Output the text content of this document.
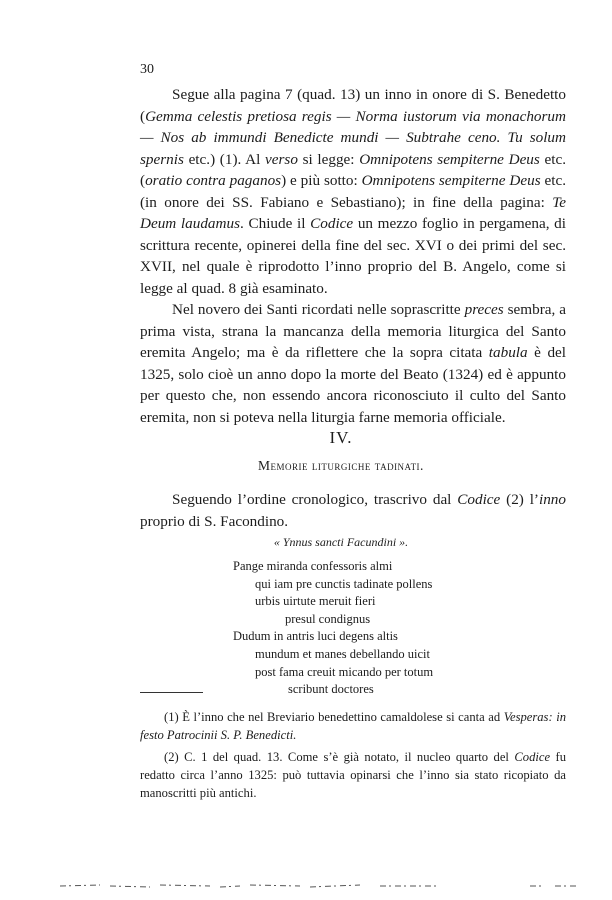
30

Segue alla pagina 7 (quad. 13) un inno in onore di S. Benedetto (Gemma celestis pretiosa regis — Norma iustorum via monachorum — Nos ab immundi Benedicte mundi — Subtrahe ceno. Tu solum spernis etc.) (1). Al verso si legge: Omnipotens sempiterne Deus etc. (oratio contra paganos) e più sotto: Omnipotens sempiterne Deus etc. (in onore dei SS. Fabiano e Sebastiano); in fine della pagina: Te Deum laudamus. Chiude il Codice un mezzo foglio in pergamena, di scrittura recente, opinerei della fine del sec. XVI o dei primi del sec. XVII, nel quale è riprodotto l’inno proprio del B. Angelo, come si legge al quad. 8 già esaminato.

Nel novero dei Santi ricordati nelle soprascritte preces sembra, a prima vista, strana la mancanza della memoria liturgica del Santo eremita Angelo; ma è da riflettere che la sopra citata tabula è del 1325, solo cioè un anno dopo la morte del Beato (1324) ed è appunto per questo che, non essendo ancora riconosciuto il culto del Santo eremita, non si poteva nella liturgia farne memoria officiale.

IV.
Memorie liturgiche tadinati.

Seguendo l’ordine cronologico, trascrivo dal Codice (2) l’inno proprio di S. Facondino.

« Ynnus sancti Facundini ».
Pange miranda confessoris almi
qui iam pre cunctis tadinate pollens
urbis uirtute meruit fieri
presul condignus
Dudum in antris luci degens altis
mundum et manes debellando uicit
post fama creuit micando per totum
scribunt doctores

(1) È l’inno che nel Breviario benedettino camaldolese si canta ad Vesperas: in festo Patrocinii S. P. Benedicti.

(2) C. 1 del quad. 13. Come s’è già notato, il nucleo quarto del Codice fu redatto circa l’anno 1325: può tuttavia opinarsi che l’inno sia stato ricopiato da manoscritti più antichi.
